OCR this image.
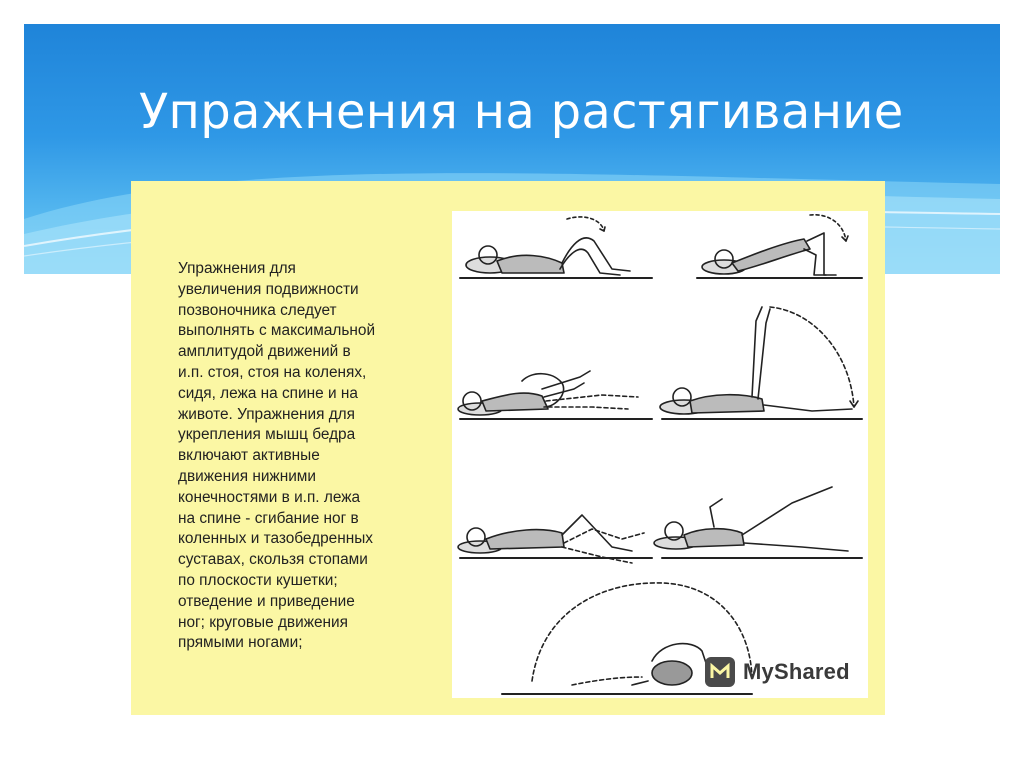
Упражнения на растягивание

Упражнения для
увеличения подвижности
позвоночника следует
выполнять с максимальной
амплитудой движений в
и.п. стоя, стоя на коленях,
сидя, лежа на спине и на
животе. Упражнения для
укрепления мышц бедра
включают активные
движения нижними
конечностями в и.п. лежа
на спине - сгибание ног в
коленных и тазобедренных
суставах, скользя стопами
по плоскости кушетки;
отведение и приведение
ног; круговые движения
прямыми ногами;

MyShared
